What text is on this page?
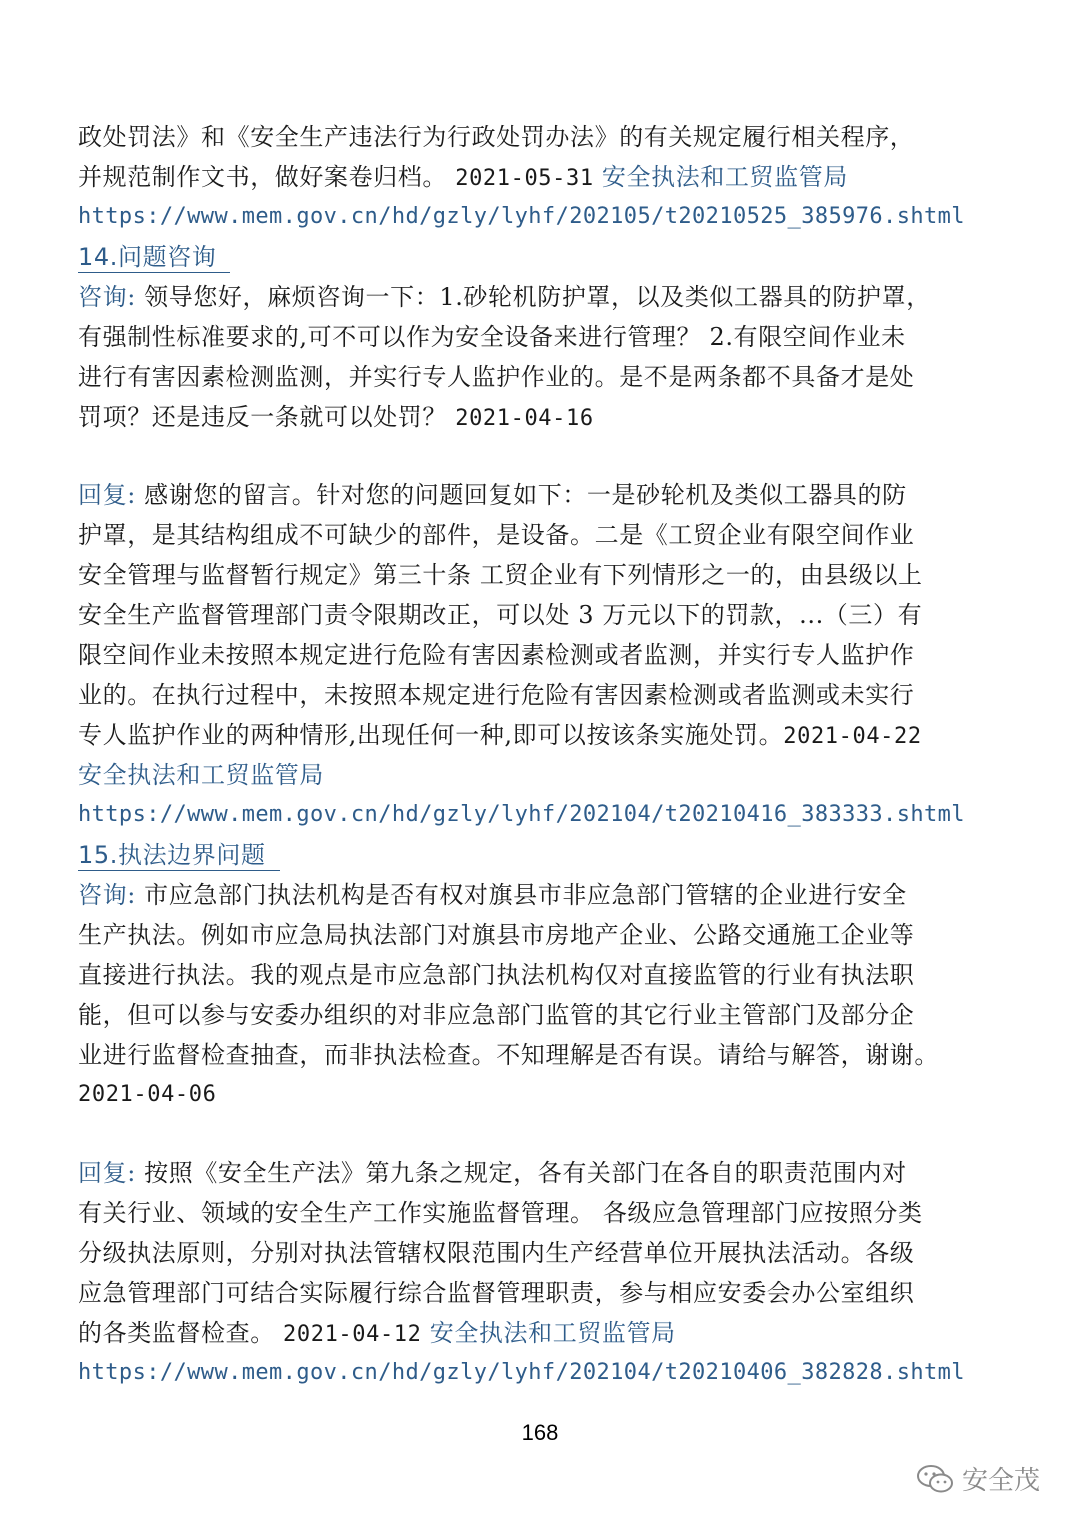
政处罚法》和《安全生产违法行为行政处罚办法》的有关规定履行相关程序，
并规范制作文书，做好案卷归档。 2021-05-31 安全执法和工贸监管局
https://www.mem.gov.cn/hd/gzly/lyhf/202105/t20210525_385976.shtml
14.问题咨询
咨询: 领导您好，麻烦咨询一下：1.砂轮机防护罩，以及类似工器具的防护罩，
有强制性标准要求的,可不可以作为安全设备来进行管理？ 2.有限空间作业未
进行有害因素检测监测，并实行专人监护作业的。是不是两条都不具备才是处
罚项？还是违反一条就可以处罚？ 2021-04-16
回复: 感谢您的留言。针对您的问题回复如下：一是砂轮机及类似工器具的防
护罩，是其结构组成不可缺少的部件，是设备。二是《工贸企业有限空间作业
安全管理与监督暂行规定》第三十条 工贸企业有下列情形之一的，由县级以上
安全生产监督管理部门责令限期改正，可以处 3 万元以下的罚款，...（三）有
限空间作业未按照本规定进行危险有害因素检测或者监测，并实行专人监护作
业的。在执行过程中，未按照本规定进行危险有害因素检测或者监测或未实行
专人监护作业的两种情形,出现任何一种,即可以按该条实施处罚。2021-04-22
安全执法和工贸监管局
https://www.mem.gov.cn/hd/gzly/lyhf/202104/t20210416_383333.shtml
15.执法边界问题
咨询: 市应急部门执法机构是否有权对旗县市非应急部门管辖的企业进行安全
生产执法。例如市应急局执法部门对旗县市房地产企业、公路交通施工企业等
直接进行执法。我的观点是市应急部门执法机构仅对直接监管的行业有执法职
能，但可以参与安委办组织的对非应急部门监管的其它行业主管部门及部分企
业进行监督检查抽查，而非执法检查。不知理解是否有误。请给与解答，谢谢。
2021-04-06
回复: 按照《安全生产法》第九条之规定，各有关部门在各自的职责范围内对
有关行业、领域的安全生产工作实施监督管理。 各级应急管理部门应按照分类
分级执法原则，分别对执法管辖权限范围内生产经营单位开展执法活动。各级
应急管理部门可结合实际履行综合监督管理职责，参与相应安委会办公室组织
的各类监督检查。 2021-04-12 安全执法和工贸监管局
https://www.mem.gov.cn/hd/gzly/lyhf/202104/t20210406_382828.shtml
168
安全茂
